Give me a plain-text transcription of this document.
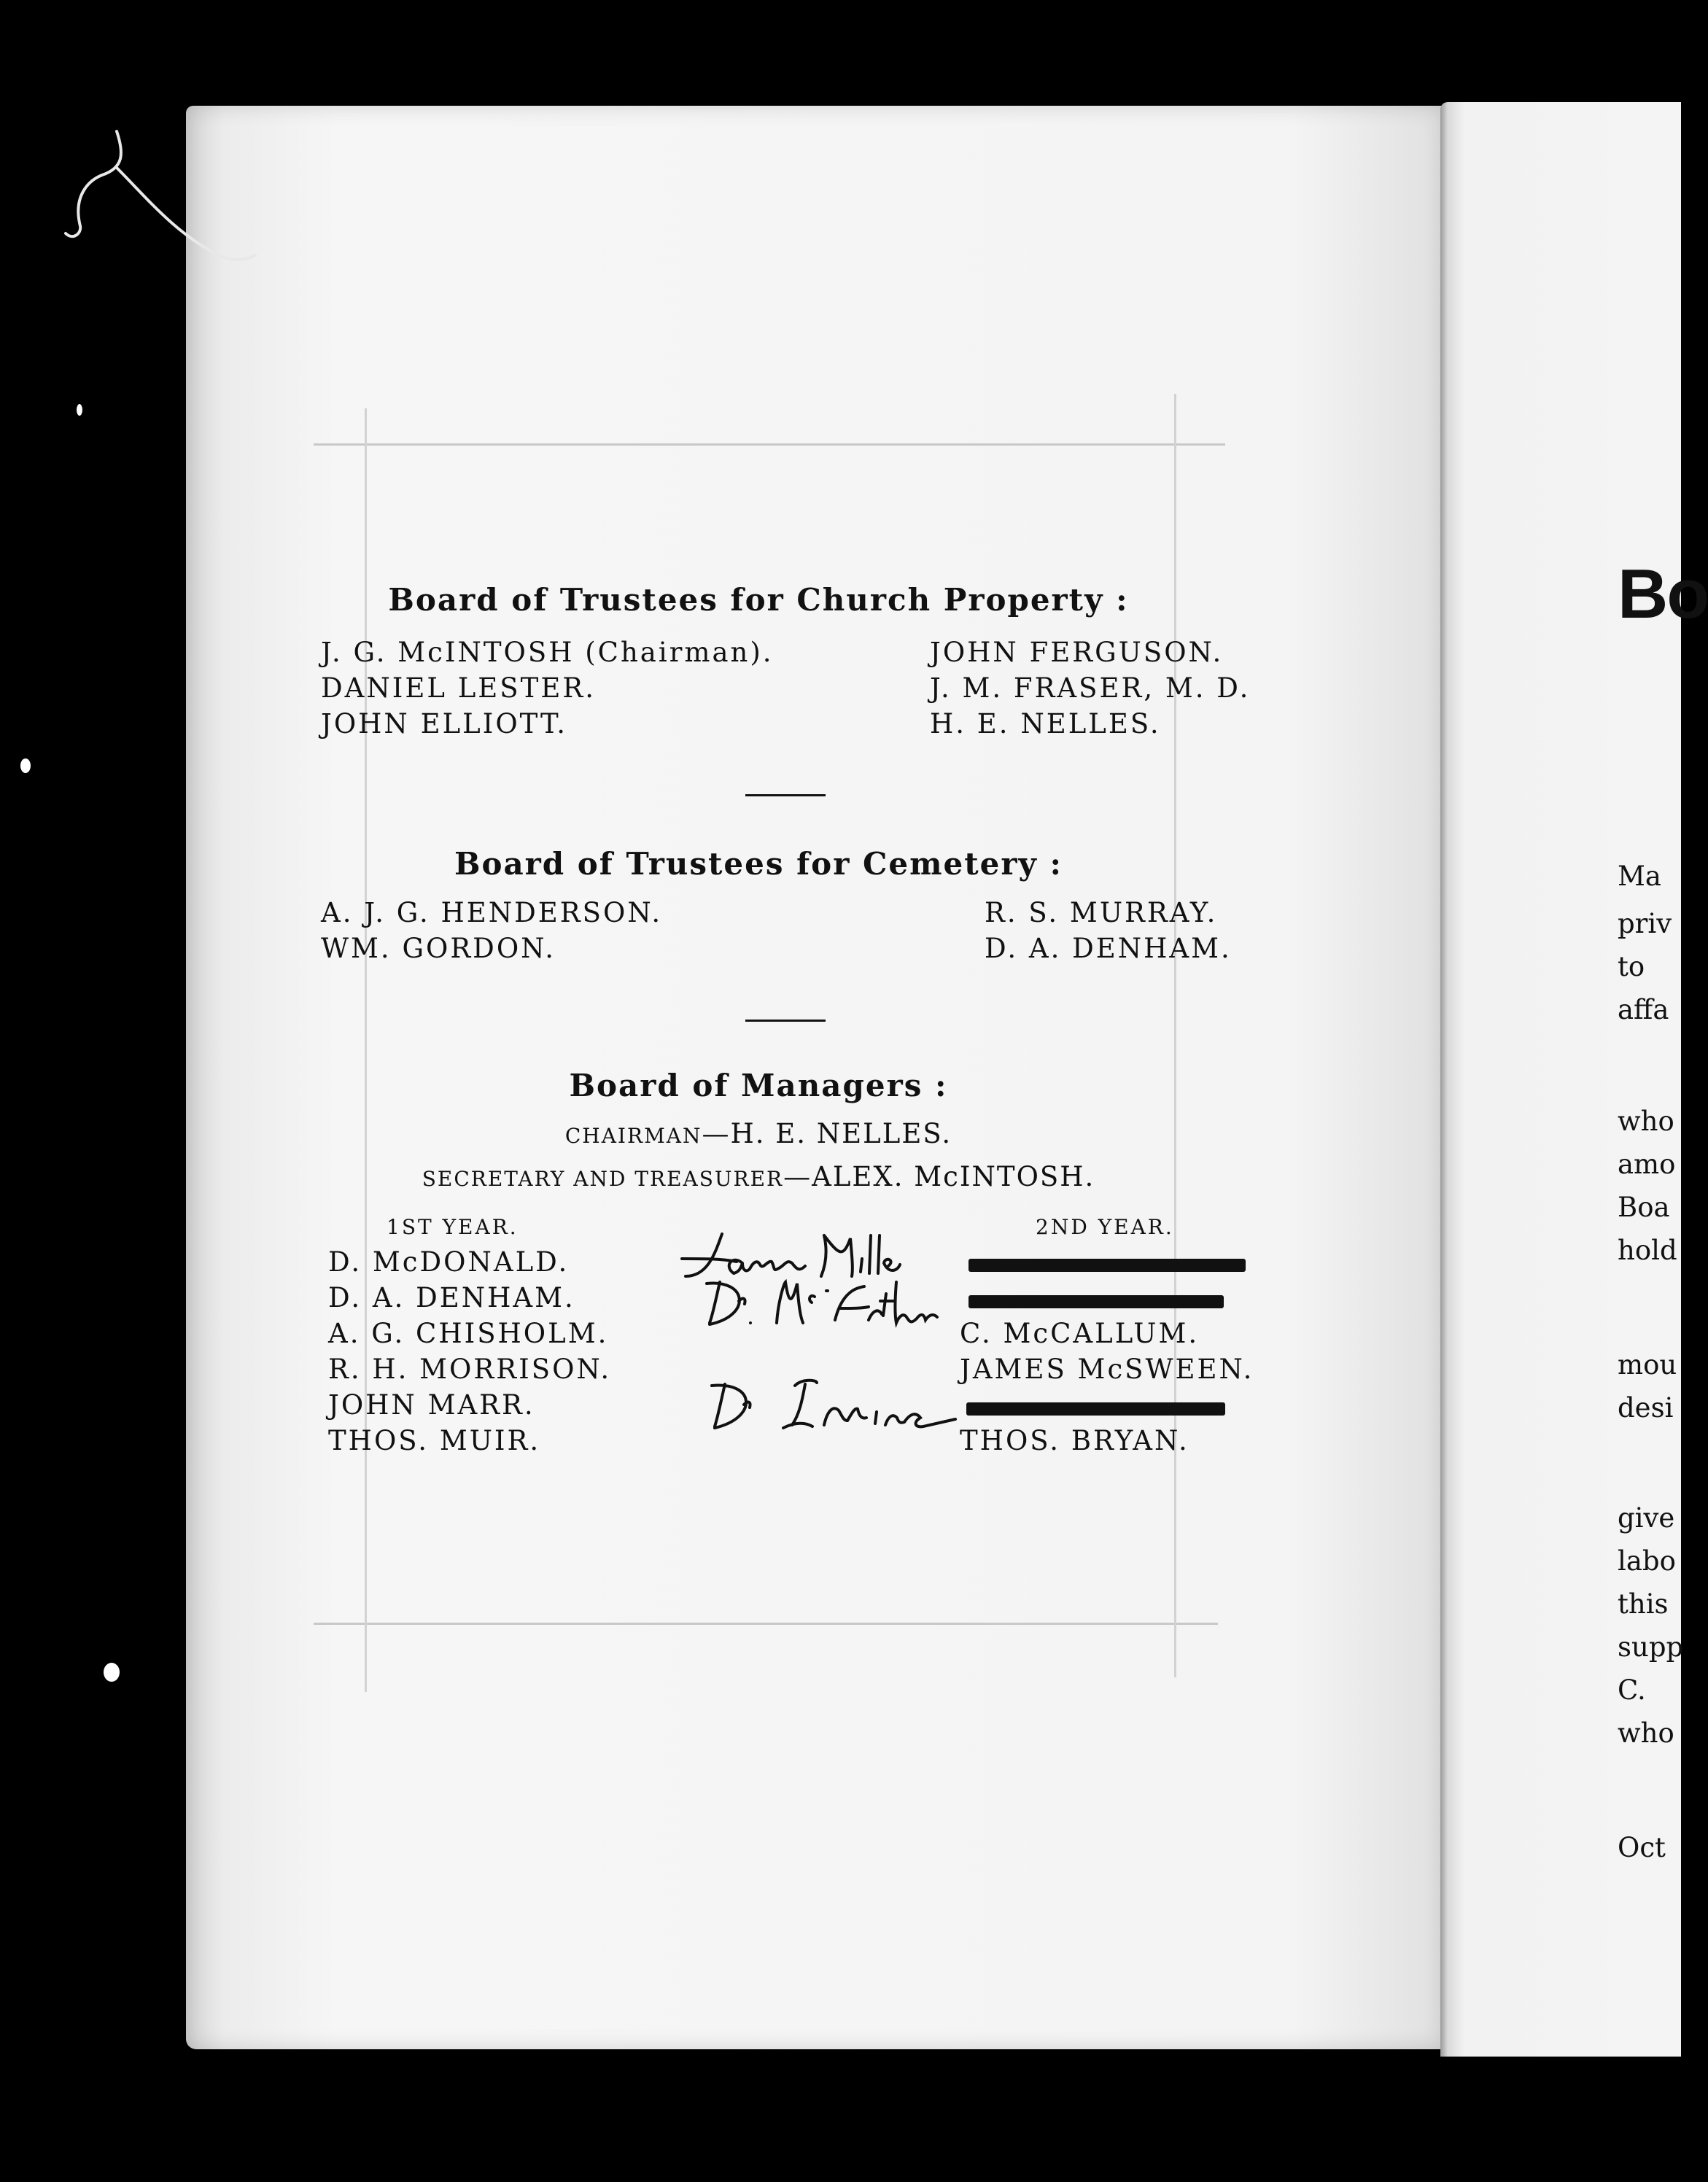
Board of Trustees for Church Property :
J. G. McINTOSH (Chairman).
DANIEL LESTER.
JOHN ELLIOTT.
JOHN FERGUSON.
J. M. FRASER, M. D.
H. E. NELLES.
Board of Trustees for Cemetery :
A. J. G. HENDERSON.
WM. GORDON.
R. S. MURRAY.
D. A. DENHAM.
Board of Managers :
CHAIRMAN—H. E. NELLES.
SECRETARY AND TREASURER—ALEX. McINTOSH.
1ST YEAR.	2ND YEAR.
D. McDONALD.
D. A. DENHAM.
A. G. CHISHOLM.
R. H. MORRISON.
JOHN MARR.
THOS. MUIR.
C. McCALLUM.
JAMES McSWEEN.
THOS. BRYAN.
Bo
Ma
priv
to
affa
who
amo
Boa
hold
mou
desi
give
labo
this
supp
C.
who
Oct
